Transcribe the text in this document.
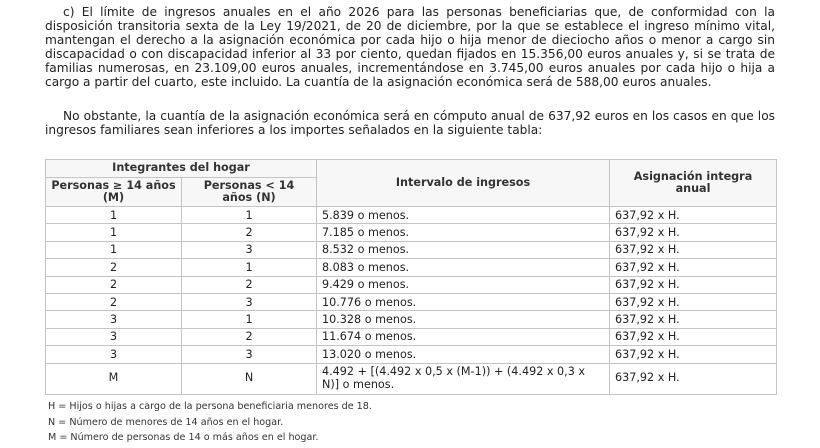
c) El límite de ingresos anuales en el año 2026 para las personas beneficiarias que, de conformidad con la disposición transitoria sexta de la Ley 19/2021, de 20 de diciembre, por la que se establece el ingreso mínimo vital, mantengan el derecho a la asignación económica por cada hijo o hija menor de dieciocho años o menor a cargo sin discapacidad o con discapacidad inferior al 33 por ciento, quedan fijados en 15.356,00 euros anuales y, si se trata de familias numerosas, en 23.109,00 euros anuales, incrementándose en 3.745,00 euros anuales por cada hijo o hija a cargo a partir del cuarto, este incluido. La cuantía de la asignación económica será de 588,00 euros anuales.

No obstante, la cuantía de la asignación económica será en cómputo anual de 637,92 euros en los casos en que los ingresos familiares sean inferiores a los importes señalados en la siguiente tabla:

Integrantes del hogar		Intervalo de ingresos	Asignación integra anual
Personas ≥ 14 años (M)	Personas < 14 años (N)		
1	1	5.839 o menos.	637,92 x H.
1	2	7.185 o menos.	637,92 x H.
1	3	8.532 o menos.	637,92 x H.
2	1	8.083 o menos.	637,92 x H.
2	2	9.429 o menos.	637,92 x H.
2	3	10.776 o menos.	637,92 x H.
3	1	10.328 o menos.	637,92 x H.
3	2	11.674 o menos.	637,92 x H.
3	3	13.020 o menos.	637,92 x H.
M	N	4.492 + [(4.492 x 0,5 x (M-1)) + (4.492 x 0,3 x N)] o menos.	637,92 x H.
H = Hijos o hijas a cargo de la persona beneficiaria menores de 18.
N = Número de menores de 14 años en el hogar.
M = Número de personas de 14 o más años en el hogar.
